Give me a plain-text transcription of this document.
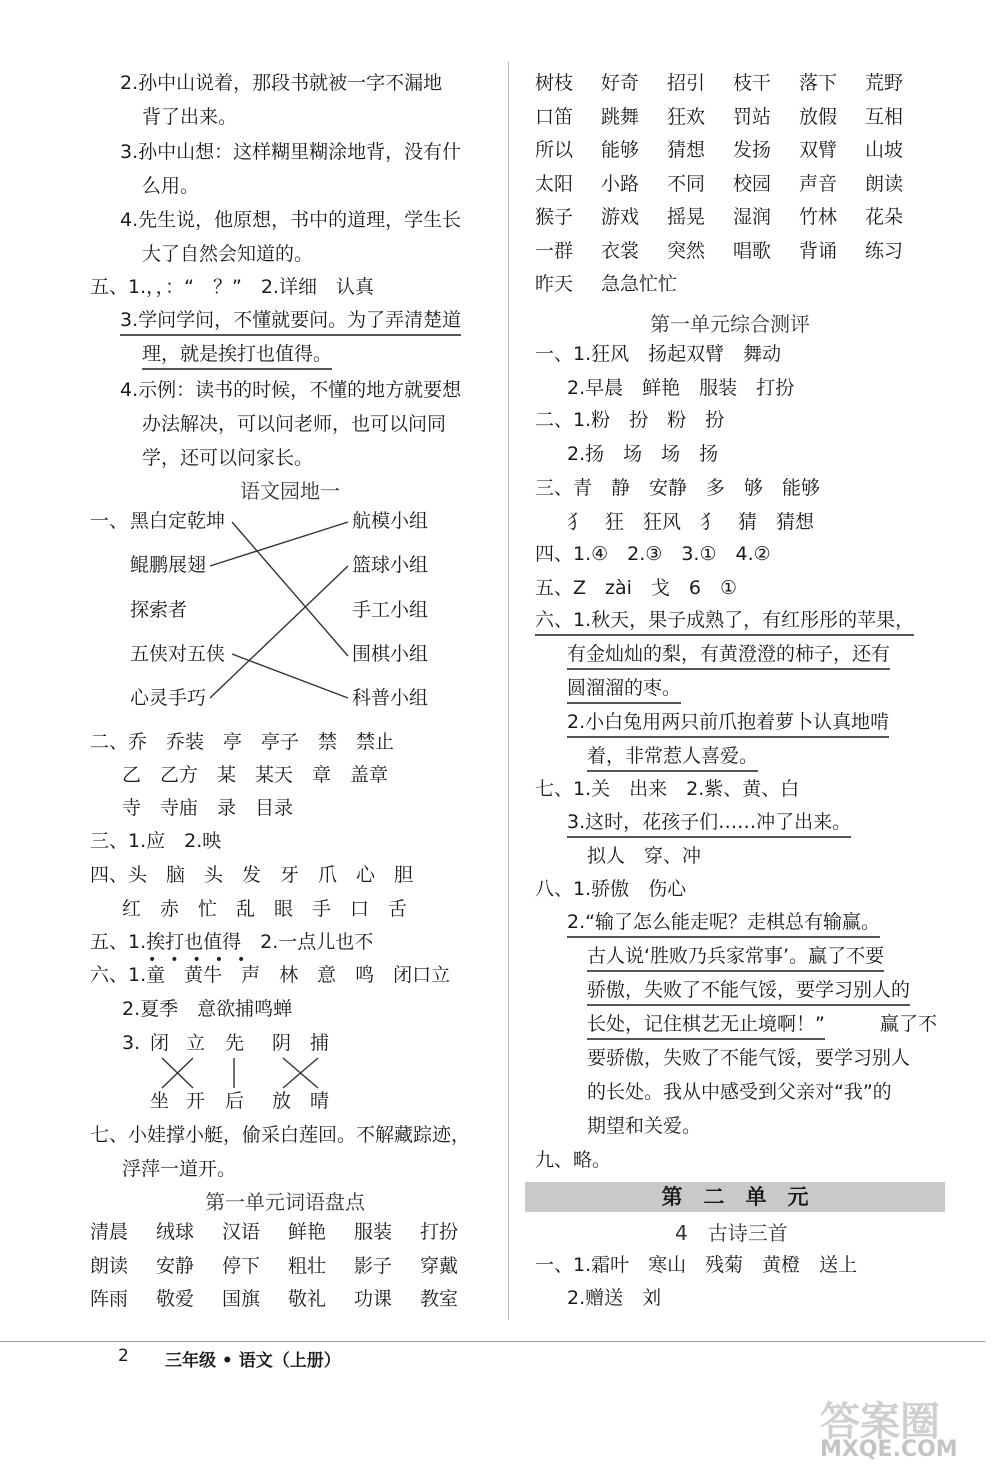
2.孙中山说着，那段书就被一字不漏地
背了出来。
3.孙中山想：这样糊里糊涂地背，没有什
么用。
4.先生说，他原想，书中的道理，学生长
大了自然会知道的。
五、1.，，：“　？”　2.详细　认真
3.学问学问，不懂就要问。为了弄清楚道
理，就是挨打也值得。
4.示例：读书的时候，不懂的地方就要想
办法解决，可以问老师，也可以问同
学，还可以问家长。
语文园地一
一、 黑白定乾坤
鲲鹏展翅
探索者
五侠对五侠
心灵手巧
航模小组
篮球小组
手工小组
围棋小组
科普小组
二、乔　乔装　亭　亭子　禁　禁止
乙　乙方　某　某天　章　盖章
寺　寺庙　录　目录
三、1.应　2.映
四、头　脑　头　发　牙　爪　心　胆
红　赤　忙　乱　眼　手　口　舌
五、1.挨打也值得　2.一点儿也不
•••••
六、1.童　黄牛　声　林　意　鸣　闭口立
2.夏季　意欲捕鸣蝉
3. 闭 立 先 阴 捕
坐 开 后 放 晴
七、小娃撑小艇，偷采白莲回。不解藏踪迹，
浮萍一道开。
第一单元词语盘点
清晨 绒球 汉语 鲜艳 服装 打扮
朗读 安静 停下 粗壮 影子 穿戴
阵雨 敬爱 国旗 敬礼 功课 教室
树枝 好奇 招引 枝干 落下 荒野
口笛 跳舞 狂欢 罚站 放假 互相
所以 能够 猜想 发扬 双臂 山坡
太阳 小路 不同 校园 声音 朗读
猴子 游戏 摇晃 湿润 竹林 花朵
一群 衣裳 突然 唱歌 背诵 练习
昨天 急急忙忙
第一单元综合测评
一、1.狂风　扬起双臂　舞动
2.早晨　鲜艳　服装　打扮
二、1.粉　扮　粉　扮
2.扬　场　场　扬
三、青　静　安静　多　够　能够
犭　狂　狂风　犭　猜　猜想
四、1.④　2.③　3.①　4.②
五、Z　zài　戈　6　①
六、1.秋天，果子成熟了，有红彤彤的苹果，
有金灿灿的梨，有黄澄澄的柿子，还有
圆溜溜的枣。
2.小白兔用两只前爪抱着萝卜认真地啃
着，非常惹人喜爱。
七、1.关　出来　2.紫、黄、白
3.这时，花孩子们……冲了出来。
拟人　穿、冲
八、1.骄傲　伤心
2.“输了怎么能走呢？走棋总有输赢。
古人说‘胜败乃兵家常事’。赢了不要
骄傲，失败了不能气馁，要学习别人的
长处，记住棋艺无止境啊！”	赢了不
要骄傲，失败了不能气馁，要学习别人
的长处。我从中感受到父亲对“我”的
期望和关爱。
九、略。
第　二　单　元
4　古诗三首
一、1.霜叶　寒山　残菊　黄橙　送上
2.赠送　刘
2 三年级 • 语文（上册）
答案圈
MXQE.COM
